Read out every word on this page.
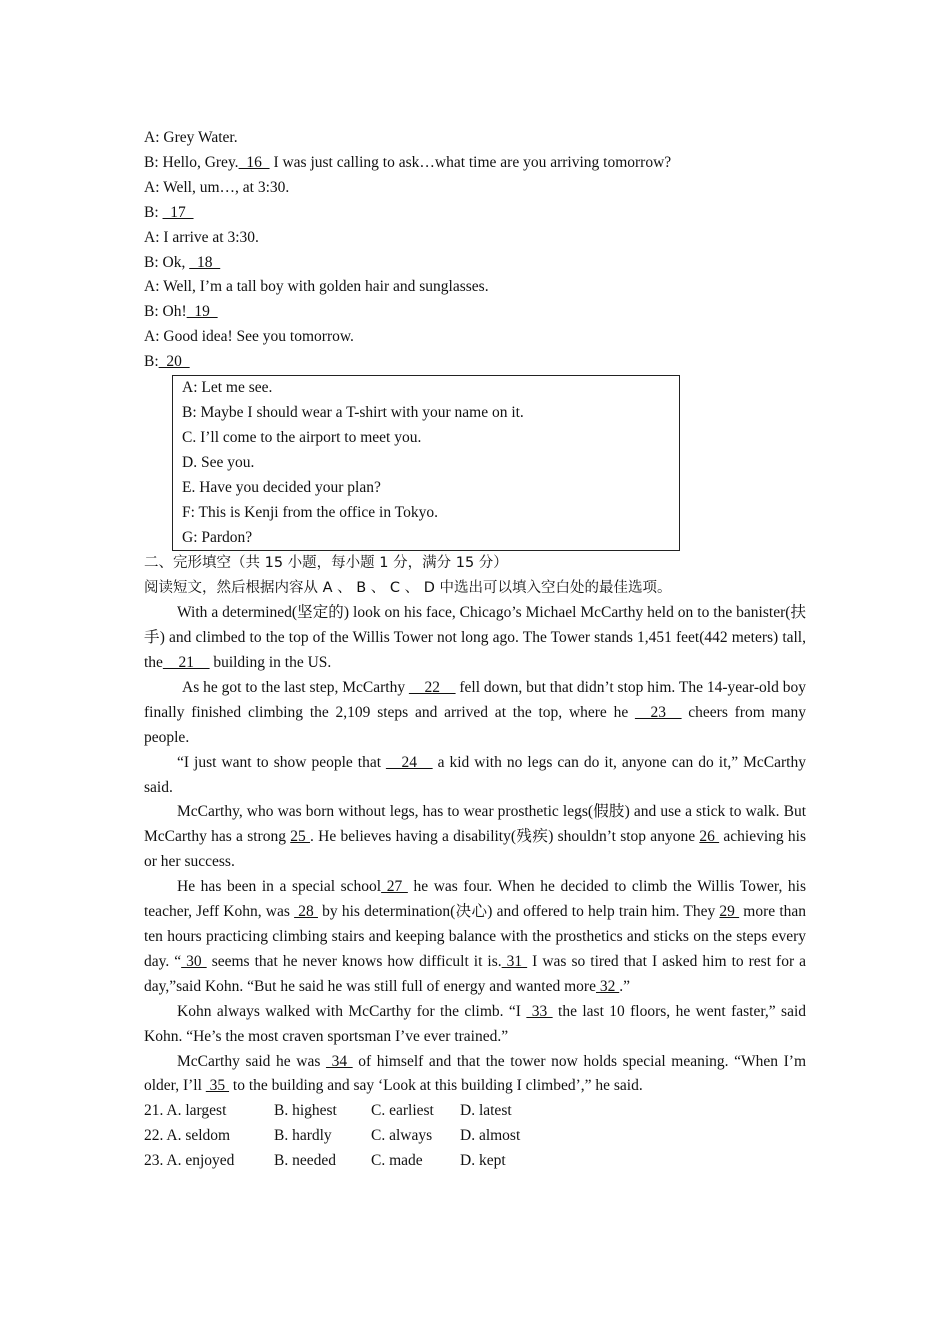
A: Grey Water.
B: Hello, Grey.  16   I was just calling to ask…what time are you arriving tomorrow?
A: Well, um…, at 3:30.
B:   17
A: I arrive at 3:30.
B: Ok,   18
A: Well, I’m a tall boy with golden hair and sunglasses.
B: Oh!  19
A: Good idea! See you tomorrow.
B:  20
A: Let me see.
B: Maybe I should wear a T-shirt with your name on it.
C. I’ll come to the airport to meet you.
D. See you.
E. Have you decided your plan?
F: This is Kenji from the office in Tokyo.
G: Pardon?
二、完形填空（共 15 小题，每小题 1 分，满分 15 分）
阅读短文，然后根据内容从 A 、 B 、 C 、 D 中选出可以填入空白处的最佳选项。
With a determined(坚定的) look on his face, Chicago’s Michael McCarthy held on to the banister(扶手) and climbed to the top of the Willis Tower not long ago. The Tower stands 1,451 feet(442 meters) tall, the__21__ building in the US.
As he got to the last step, McCarthy __22__ fell down, but that didn’t stop him. The 14-year-old boy finally finished climbing the 2,109 steps and arrived at the top, where he __23__ cheers from many people.
“I just want to show people that __24__ a kid with no legs can do it, anyone can do it,” McCarthy said.
McCarthy, who was born without legs, has to wear prosthetic legs(假肢) and use a stick to walk. But McCarthy has a strong 25 . He believes having a disability(残疾) shouldn’t stop anyone 26  achieving his or her success.
He has been in a special school 27  he was four. When he decided to climb the Willis Tower, his teacher, Jeff Kohn, was  28  by his determination(决心) and offered to help train him. They 29  more than ten hours practicing climbing stairs and keeping balance with the prosthetics and sticks on the steps every day. “ 30  seems that he never knows how difficult it is. 31  I was so tired that I asked him to rest for a day,”said Kohn. “But he said he was still full of energy and wanted more 32 .”
Kohn always walked with McCarthy for the climb. “I  33  the last 10 floors, he went faster,” said Kohn. “He’s the most craven sportsman I’ve ever trained.”
McCarthy said he was  34  of himself and that the tower now holds special meaning. “When I’m older, I’ll  35  to the building and say ‘Look at this building I climbed’,” he said.
21. A. largest	B. highest	C. earliest	D. latest
22. A. seldom	B. hardly	C. always	D. almost
23. A. enjoyed	B. needed	C. made	D. kept
